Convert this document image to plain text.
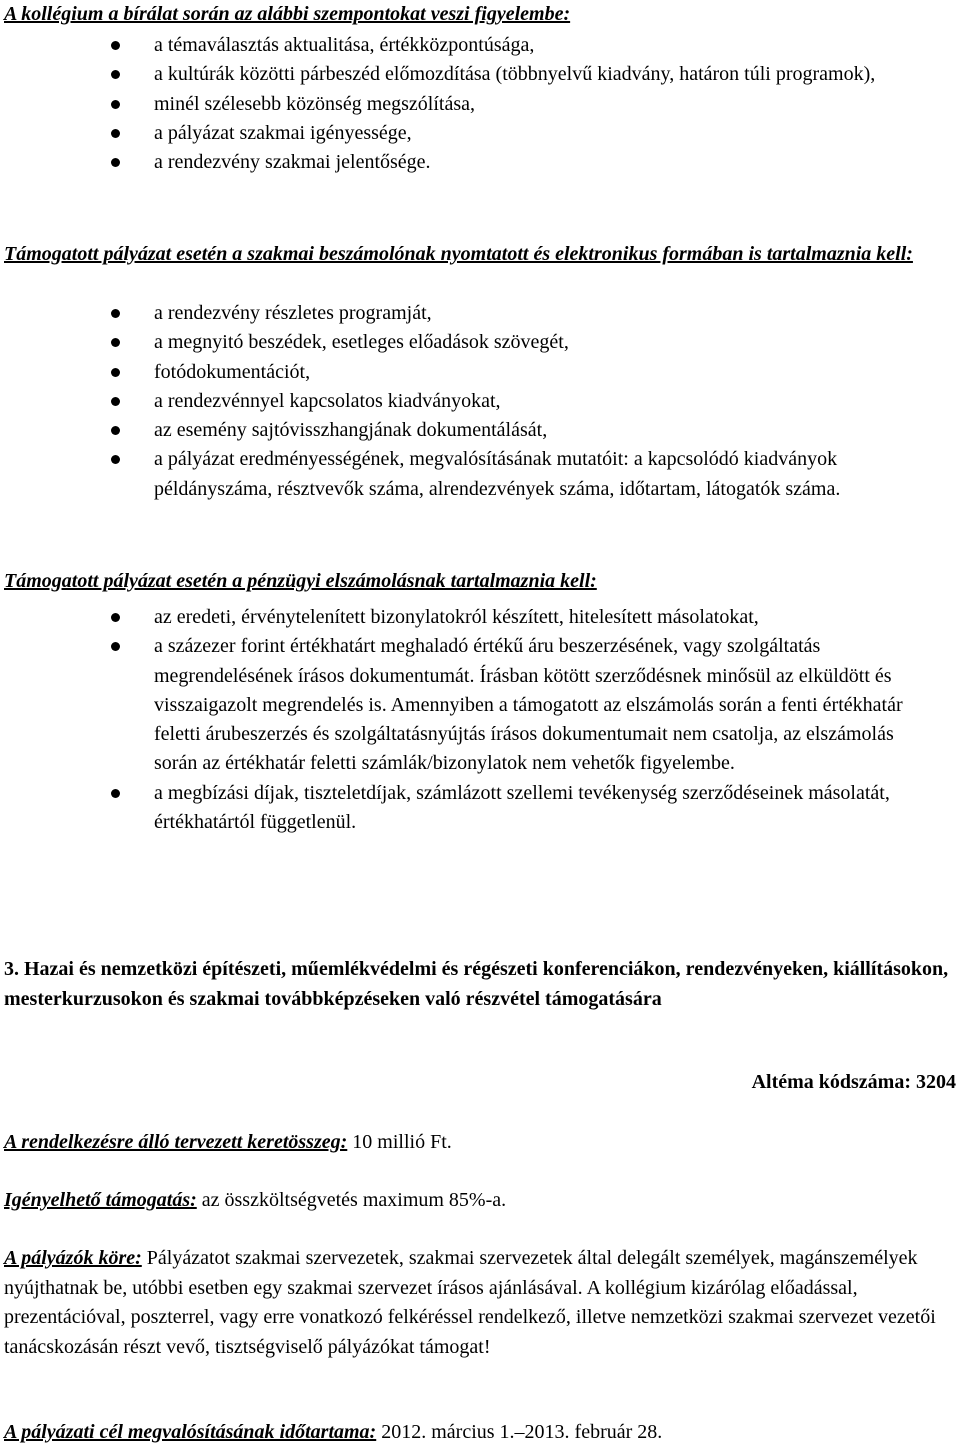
A kollégium a bírálat során az alábbi szempontokat veszi figyelembe:
a témaválasztás aktualitása, értékközpontúsága,
a kultúrák közötti párbeszéd előmozdítása (többnyelvű kiadvány, határon túli programok),
minél szélesebb közönség megszólítása,
a pályázat szakmai igényessége,
a rendezvény szakmai jelentősége.
Támogatott pályázat esetén a szakmai beszámolónak nyomtatott és elektronikus formában is tartalmaznia kell:
a rendezvény részletes programját,
a megnyitó beszédek, esetleges előadások szövegét,
fotódokumentációt,
a rendezvénnyel kapcsolatos kiadványokat,
az esemény sajtóvisszhangjának dokumentálását,
a pályázat eredményességének, megvalósításának mutatóit: a kapcsolódó kiadványok példányszáma, résztvevők száma, alrendezvények száma, időtartam, látogatók száma.
Támogatott pályázat esetén a pénzügyi elszámolásnak tartalmaznia kell:
az eredeti, érvénytelenített bizonylatokról készített, hitelesített másolatokat,
a százezer forint értékhatárt meghaladó értékű áru beszerzésének, vagy szolgáltatás megrendelésének írásos dokumentumát. Írásban kötött szerződésnek minősül az elküldött és visszaigazolt megrendelés is. Amennyiben a támogatott az elszámolás során a fenti értékhatár feletti árubeszerzés és szolgáltatásnyújtás írásos dokumentumait nem csatolja, az elszámolás során az értékhatár feletti számlák/bizonylatok nem vehetők figyelembe.
a megbízási díjak, tiszteletdíjak, számlázott szellemi tevékenység szerződéseinek másolatát, értékhatártól függetlenül.
3. Hazai és nemzetközi építészeti, műemlékvédelmi és régészeti konferenciákon, rendezvényeken, kiállításokon, mesterkurzusokon és szakmai továbbképzéseken való részvétel támogatására
Altéma kódszáma: 3204
A rendelkezésre álló tervezett keretösszeg: 10 millió Ft.
Igényelhető támogatás: az összköltségvetés maximum 85%-a.
A pályázók köre: Pályázatot szakmai szervezetek, szakmai szervezetek által delegált személyek, magánszemélyek nyújthatnak be, utóbbi esetben egy szakmai szervezet írásos ajánlásával. A kollégium kizárólag előadással, prezentációval, poszterrel, vagy erre vonatkozó felkéréssel rendelkező, illetve nemzetközi szakmai szervezet vezetői tanácskozásán részt vevő, tisztségviselő pályázókat támogat!
A pályázati cél megvalósításának időtartama: 2012. március 1.–2013. február 28.
